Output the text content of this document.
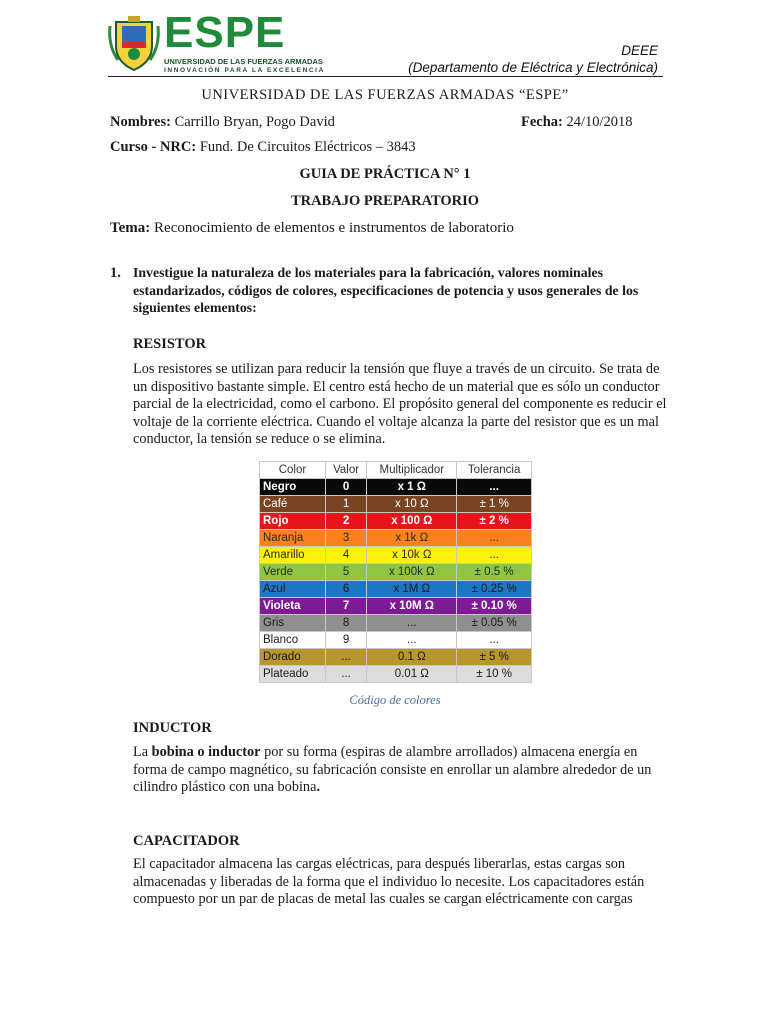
ESPE
UNIVERSIDAD DE LAS FUERZAS ARMADAS
INNOVACIÓN PARA LA EXCELENCIA
DEEE
(Departamento de Eléctrica y Electrónica)
UNIVERSIDAD DE LAS FUERZAS ARMADAS “ESPE”
Nombres: Carrillo Bryan, Pogo David	Fecha: 24/10/2018
Curso - NRC: Fund. De Circuitos Eléctricos – 3843
GUIA DE PRÁCTICA N° 1
TRABAJO PREPARATORIO
Tema: Reconocimiento de elementos e instrumentos de laboratorio
1. Investigue la naturaleza de los materiales para la fabricación, valores nominales
estandarizados, códigos de colores, especificaciones de potencia y usos generales de los
siguientes elementos:
RESISTOR
Los resistores se utilizan para reducir la tensión que fluye a través de un circuito. Se trata de
un dispositivo bastante simple. El centro está hecho de un material que es sólo un conductor
parcial de la electricidad, como el carbono. El propósito general del componente es reducir el
voltaje de la corriente eléctrica. Cuando el voltaje alcanza la parte del resistor que es un mal
conductor, la tensión se reduce o se elimina.
Color	Valor	Multiplicador	Tolerancia
Negro	0	x 1 Ω	...
Café	1	x 10 Ω	± 1 %
Rojo	2	x 100 Ω	± 2 %
Naranja	3	x 1k Ω	...
Amarillo	4	x 10k Ω	...
Verde	5	x 100k Ω	± 0.5 %
Azul	6	x 1M Ω	± 0.25 %
Violeta	7	x 10M Ω	± 0.10 %
Gris	8	...	± 0.05 %
Blanco	9	...	...
Dorado	...	0.1 Ω	± 5 %
Plateado	...	0.01 Ω	± 10 %
Código de colores
INDUCTOR
La bobina o inductor por su forma (espiras de alambre arrollados) almacena energía en
forma de campo magnético, su fabricación consiste en enrollar un alambre alrededor de un
cilindro plástico con una bobina.
CAPACITADOR
El capacitador almacena las cargas eléctricas, para después liberarlas, estas cargas son
almacenadas y liberadas de la forma que el individuo lo necesite. Los capacitadores están
compuesto por un par de placas de metal las cuales se cargan eléctricamente con cargas
